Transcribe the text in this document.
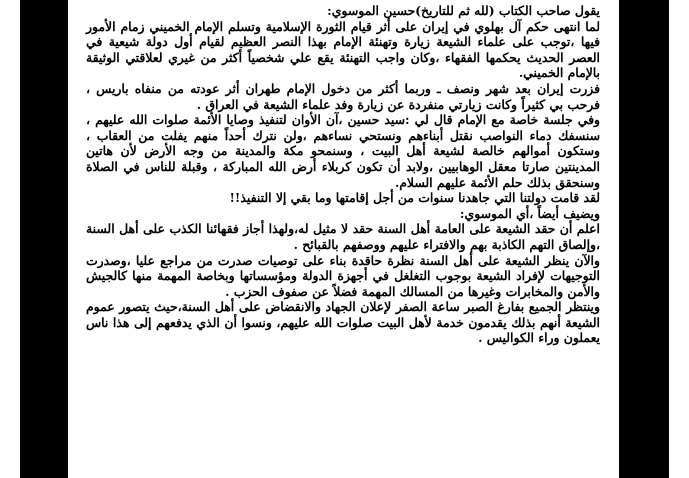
يقول صاحب الكتاب (لله ثم للتاريخ)حسين الموسوي:

لما انتهى حكم آل بهلوي في إيران على أثر قيام الثورة الإسلامية وتسلم الإمام الخميني زمام الأمور فيها ،توجب على علماء الشيعة زيارة وتهنئة الإمام بهذا النصر العظيم لقيام أول دولة شيعية في العصر الحديث يحكمها الفقهاء ،وكان واجب التهنئة يقع علي شخصياً أكثر من غيري لعلاقتي الوثيقة بالإمام الخميني.

فزرت إيران بعد شهر ونصف ـ وربما أكثر من دخول الإمام طهران أثر عودته من منفاه باريس ، فرحب بي كثيراً وكانت زيارتي منفردة عن زيارة وفد علماء الشيعة في العراق .

وفي جلسة خاصة مع الإمام قال لي :سيد حسين ،آن الأوان لتنفيذ وصايا الأئمة صلوات الله عليهم ، سنسفك دماء النواصب نقتل أبناءهم ونستحي نساءهم ،ولن نترك أحداً منهم يفلت من العقاب ، وستكون أموالهم خالصة لشيعة أهل البيت ، وسنمحو مكة والمدينة من وجه الأرض لأن هاتين المدينتين صارتا معقل الوهابيين ،ولابد أن تكون كربلاء أرض الله المباركة ، وقبلة للناس في الصلاة وسنحقق بذلك حلم الأئمة عليهم السلام.

لقد قامت دولتنا التي جاهدنا سنوات من أجل إقامتها وما بقي إلا التنفيذ!!

ويضيف أيضاً ،أي الموسوي:

اعلم أن حقد الشيعة على العامة أهل السنة حقد لا مثيل له،ولهذا أجاز فقهائنا الكذب على أهل السنة ،وإلصاق التهم الكاذبة بهم والافتراء عليهم ووصفهم بالقبائح .

والآن ينظر الشيعة على أهل السنة نظرة حاقدة بناء على توصيات صدرت من مراجع عليا ،وصدرت التوجيهات لإفراد الشيعة بوجوب التغلغل في أجهزة الدولة ومؤسساتها وبخاصة المهمة منها كالجيش والأمن والمخابرات وغيرها من المسالك المهمة فضلاً عن صفوف الحزب .

وينتظر الجميع بفارغ الصبر ساعة الصفر لإعلان الجهاد والانقضاض على أهل السنة،حيث يتصور عموم الشيعة أنهم بذلك يقدمون خدمة لأهل البيت صلوات الله عليهم، ونسوا أن الذي يدفعهم إلى هذا ناس يعملون وراء الكواليس .
